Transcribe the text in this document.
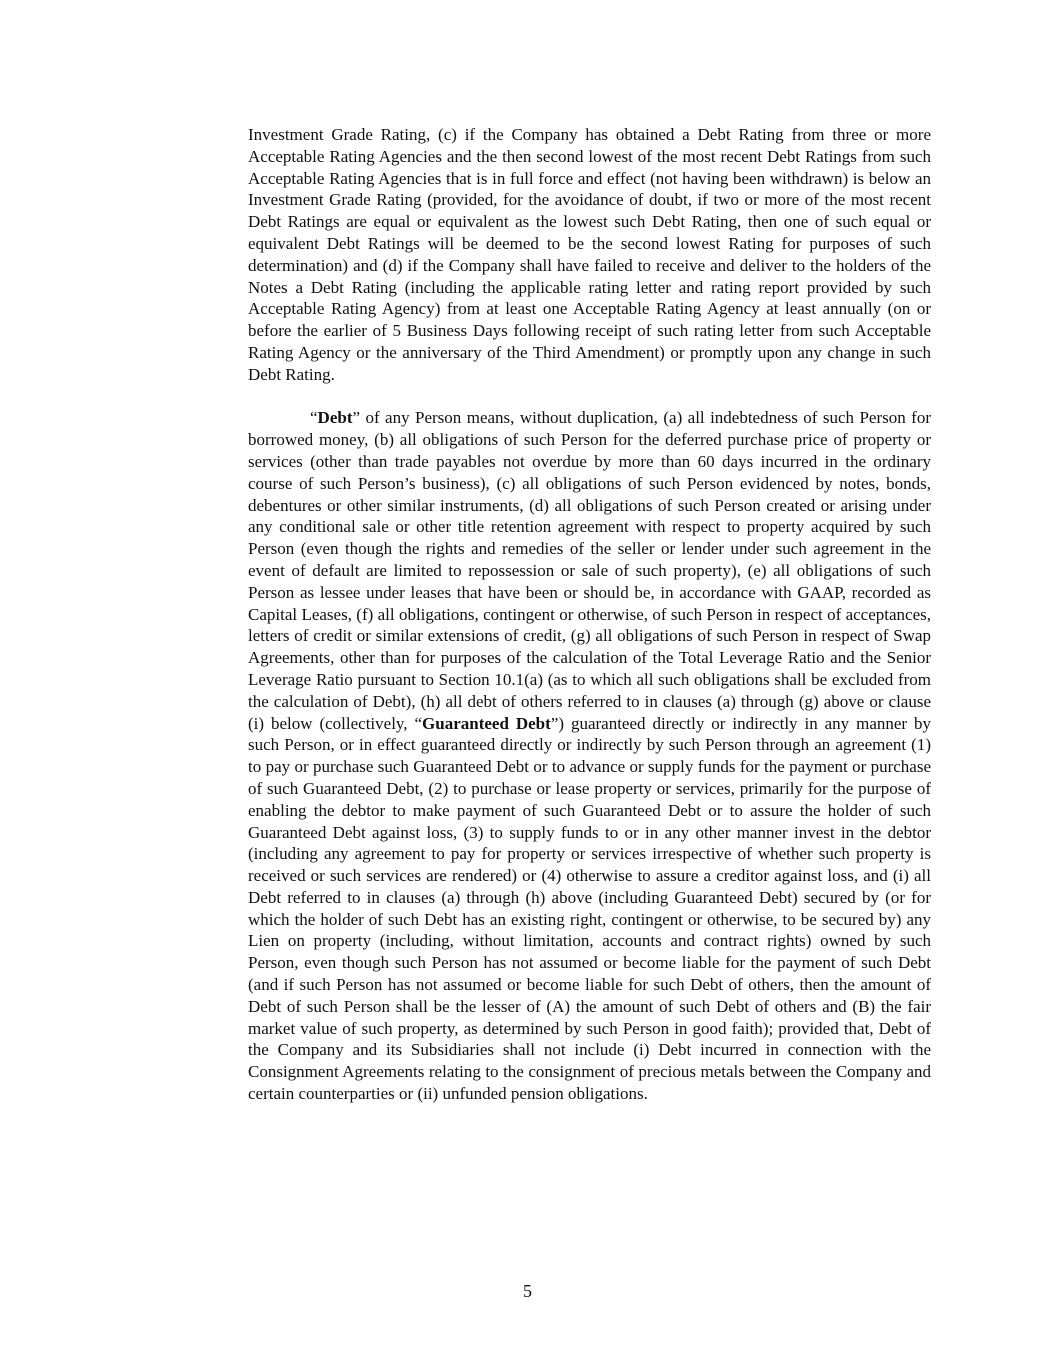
Investment Grade Rating, (c) if the Company has obtained a Debt Rating from three or more Acceptable Rating Agencies and the then second lowest of the most recent Debt Ratings from such Acceptable Rating Agencies that is in full force and effect (not having been withdrawn) is below an Investment Grade Rating (provided, for the avoidance of doubt, if two or more of the most recent Debt Ratings are equal or equivalent as the lowest such Debt Rating, then one of such equal or equivalent Debt Ratings will be deemed to be the second lowest Rating for purposes of such determination) and (d) if the Company shall have failed to receive and deliver to the holders of the Notes a Debt Rating (including the applicable rating letter and rating report provided by such Acceptable Rating Agency) from at least one Acceptable Rating Agency at least annually (on or before the earlier of 5 Business Days following receipt of such rating letter from such Acceptable Rating Agency or the anniversary of the Third Amendment) or promptly upon any change in such Debt Rating.

“Debt” of any Person means, without duplication, (a) all indebtedness of such Person for borrowed money, (b) all obligations of such Person for the deferred purchase price of property or services (other than trade payables not overdue by more than 60 days incurred in the ordinary course of such Person’s business), (c) all obligations of such Person evidenced by notes, bonds, debentures or other similar instruments, (d) all obligations of such Person created or arising under any conditional sale or other title retention agreement with respect to property acquired by such Person (even though the rights and remedies of the seller or lender under such agreement in the event of default are limited to repossession or sale of such property), (e) all obligations of such Person as lessee under leases that have been or should be, in accordance with GAAP, recorded as Capital Leases, (f) all obligations, contingent or otherwise, of such Person in respect of acceptances, letters of credit or similar extensions of credit, (g) all obligations of such Person in respect of Swap Agreements, other than for purposes of the calculation of the Total Leverage Ratio and the Senior Leverage Ratio pursuant to Section 10.1(a) (as to which all such obligations shall be excluded from the calculation of Debt), (h) all debt of others referred to in clauses (a) through (g) above or clause (i) below (collectively, “Guaranteed Debt”) guaranteed directly or indirectly in any manner by such Person, or in effect guaranteed directly or indirectly by such Person through an agreement (1) to pay or purchase such Guaranteed Debt or to advance or supply funds for the payment or purchase of such Guaranteed Debt, (2) to purchase or lease property or services, primarily for the purpose of enabling the debtor to make payment of such Guaranteed Debt or to assure the holder of such Guaranteed Debt against loss, (3) to supply funds to or in any other manner invest in the debtor (including any agreement to pay for property or services irrespective of whether such property is received or such services are rendered) or (4) otherwise to assure a creditor against loss, and (i) all Debt referred to in clauses (a) through (h) above (including Guaranteed Debt) secured by (or for which the holder of such Debt has an existing right, contingent or otherwise, to be secured by) any Lien on property (including, without limitation, accounts and contract rights) owned by such Person, even though such Person has not assumed or become liable for the payment of such Debt (and if such Person has not assumed or become liable for such Debt of others, then the amount of Debt of such Person shall be the lesser of (A) the amount of such Debt of others and (B) the fair market value of such property, as determined by such Person in good faith); provided that, Debt of the Company and its Subsidiaries shall not include (i) Debt incurred in connection with the Consignment Agreements relating to the consignment of precious metals between the Company and certain counterparties or (ii) unfunded pension obligations.

5
